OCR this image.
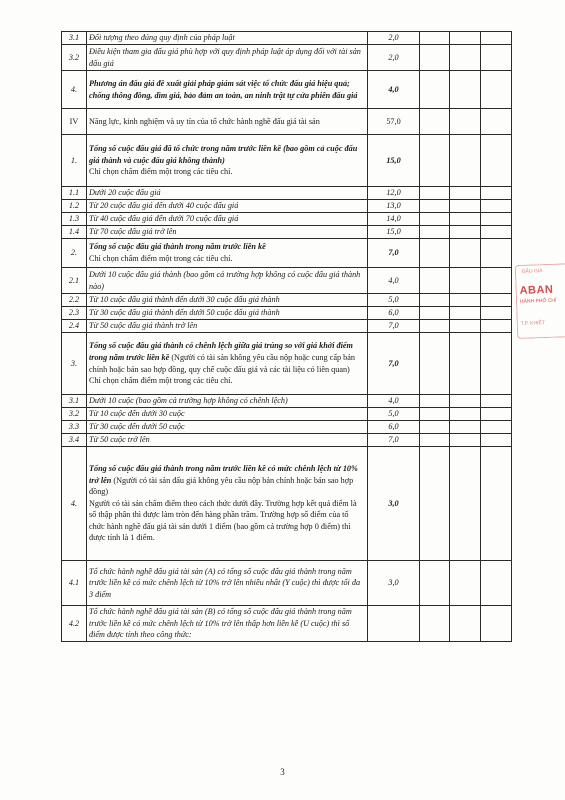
3.1	Đối tượng theo đúng quy định của pháp luật	2,0			
3.2	Điều kiện tham gia đấu giá phù hợp với quy định pháp luật áp dụng đối với tài sản đấu giá	2,0			
4.	Phương án đấu giá đề xuất giải pháp giám sát việc tổ chức đấu giá hiệu quả; chống thông đồng, dìm giá, bảo đảm an toàn, an ninh trật tự cửa phiên đấu giá	4,0			
IV	Năng lực, kinh nghiệm và uy tín của tổ chức hành nghề đấu giá tài sản	57,0			
1.	Tổng số cuộc đấu giá đã tổ chức trong năm trước liền kề (bao gồm cả cuộc đấu giá thành và cuộc đấu giá không thành)
Chỉ chọn chấm điểm một trong các tiêu chí.	15,0			
1.1	Dưới 20 cuộc đấu giá	12,0			
1.2	Từ 20 cuộc đấu giá đến dưới 40 cuộc đấu giá	13,0			
1.3	Từ 40 cuộc đấu giá đến dưới 70 cuộc đấu giá	14,0			
1.4	Từ 70 cuộc đấu giá trở lên	15,0			
2.	Tổng số cuộc đấu giá thành trong năm trước liền kề
Chỉ chọn chấm điểm một trong các tiêu chí.	7,0			
2.1	Dưới 10 cuộc đấu giá thành (bao gồm cả trường hợp không có cuộc đấu giá thành nào)	4,0			
2.2	Từ 10 cuộc đấu giá thành đến dưới 30 cuộc đấu giá thành	5,0			
2.3	Từ 30 cuộc đấu giá thành đến dưới 50 cuộc đấu giá thành	6,0			
2.4	Từ 50 cuộc đấu giá thành trở lên	7,0			
3.	Tổng số cuộc đấu giá thành có chênh lệch giữa giá trúng so với giá khởi điểm trong năm trước liền kề (Người có tài sản không yêu cầu nộp hoặc cung cấp bản chính hoặc bản sao hợp đồng, quy chế cuộc đấu giá và các tài liệu có liên quan)
Chỉ chọn chấm điểm một trong các tiêu chí.	7,0			
3.1	Dưới 10 cuộc (bao gồm cả trường hợp không có chênh lệch)	4,0			
3.2	Từ 10 cuộc đến dưới 30 cuộc	5,0			
3.3	Từ 30 cuộc đến dưới 50 cuộc	6,0			
3.4	Từ 50 cuộc trở lên	7,0			
4.	Tổng số cuộc đấu giá thành trong năm trước liền kề có mức chênh lệch từ 10% trở lên (Người có tài sản đấu giá không yêu cầu nộp bản chính hoặc bản sao hợp đồng)
Người có tài sản chấm điểm theo cách thức dưới đây. Trường hợp kết quả điểm là số thập phân thì được làm tròn đến hàng phần trăm. Trường hợp số điểm của tổ chức hành nghề đấu giá tài sản dưới 1 điểm (bao gồm cả trường hợp 0 điểm) thì được tính là 1 điểm.	3,0			
4.1	Tổ chức hành nghề đấu giá tài sản (A) có tổng số cuộc đấu giá thành trong năm trước liền kề có mức chênh lệch từ 10% trở lên nhiều nhất (Y cuộc) thì được tối đa 3 điểm	3,0			
4.2	Tổ chức hành nghề đấu giá tài sản (B) có tổng số cuộc đấu giá thành trong năm trước liền kề có mức chênh lệch từ 10% trở lên thấp hơn liền kề (U cuộc) thì số điểm được tính theo công thức:				
3
ĐẤU GIÁ
ABAN
HÀNH PHỐ CHÍ
T.P. KHIẾT
